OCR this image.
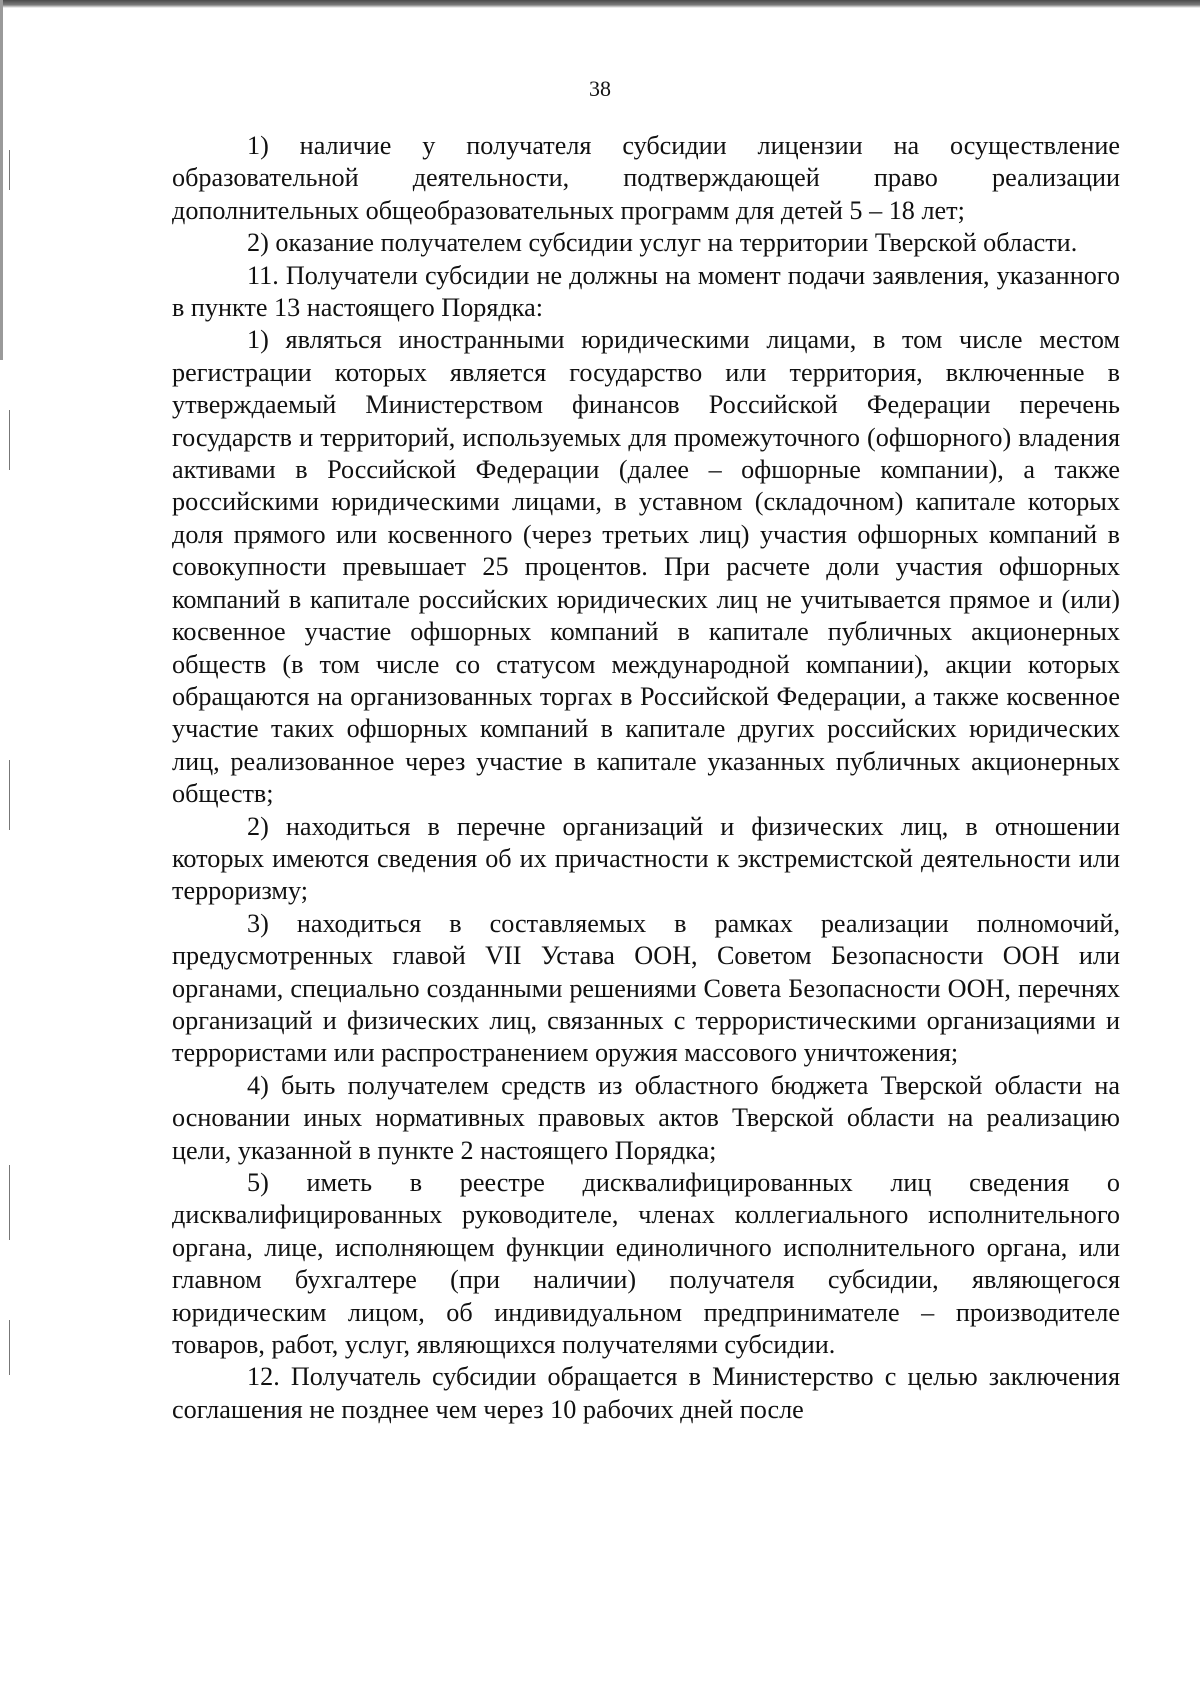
38

1) наличие у получателя субсидии лицензии на осуществление образовательной деятельности, подтверждающей право реализации дополнительных общеобразовательных программ для детей 5 – 18 лет;

2) оказание получателем субсидии услуг на территории Тверской области.

11. Получатели субсидии не должны на момент подачи заявления, указанного в пункте 13 настоящего Порядка:

1) являться иностранными юридическими лицами, в том числе местом регистрации которых является государство или территория, включенные в утверждаемый Министерством финансов Российской Федерации перечень государств и территорий, используемых для промежуточного (офшорного) владения активами в Российской Федерации (далее – офшорные компании), а также российскими юридическими лицами, в уставном (складочном) капитале которых доля прямого или косвенного (через третьих лиц) участия офшорных компаний в совокупности превышает 25 процентов. При расчете доли участия офшорных компаний в капитале российских юридических лиц не учитывается прямое и (или) косвенное участие офшорных компаний в капитале публичных акционерных обществ (в том числе со статусом международной компании), акции которых обращаются на организованных торгах в Российской Федерации, а также косвенное участие таких офшорных компаний в капитале других российских юридических лиц, реализованное через участие в капитале указанных публичных акционерных обществ;

2) находиться в перечне организаций и физических лиц, в отношении которых имеются сведения об их причастности к экстремистской деятельности или терроризму;

3) находиться в составляемых в рамках реализации полномочий, предусмотренных главой VII Устава ООН, Советом Безопасности ООН или органами, специально созданными решениями Совета Безопасности ООН, перечнях организаций и физических лиц, связанных с террористическими организациями и террористами или распространением оружия массового уничтожения;

4) быть получателем средств из областного бюджета Тверской области на основании иных нормативных правовых актов Тверской области на реализацию цели, указанной в пункте 2 настоящего Порядка;

5) иметь в реестре дисквалифицированных лиц сведения о дисквалифицированных руководителе, членах коллегиального исполнительного органа, лице, исполняющем функции единоличного исполнительного органа, или главном бухгалтере (при наличии) получателя субсидии, являющегося юридическим лицом, об индивидуальном предпринимателе – производителе товаров, работ, услуг, являющихся получателями субсидии.

12. Получатель субсидии обращается в Министерство с целью заключения соглашения не позднее чем через 10 рабочих дней после
